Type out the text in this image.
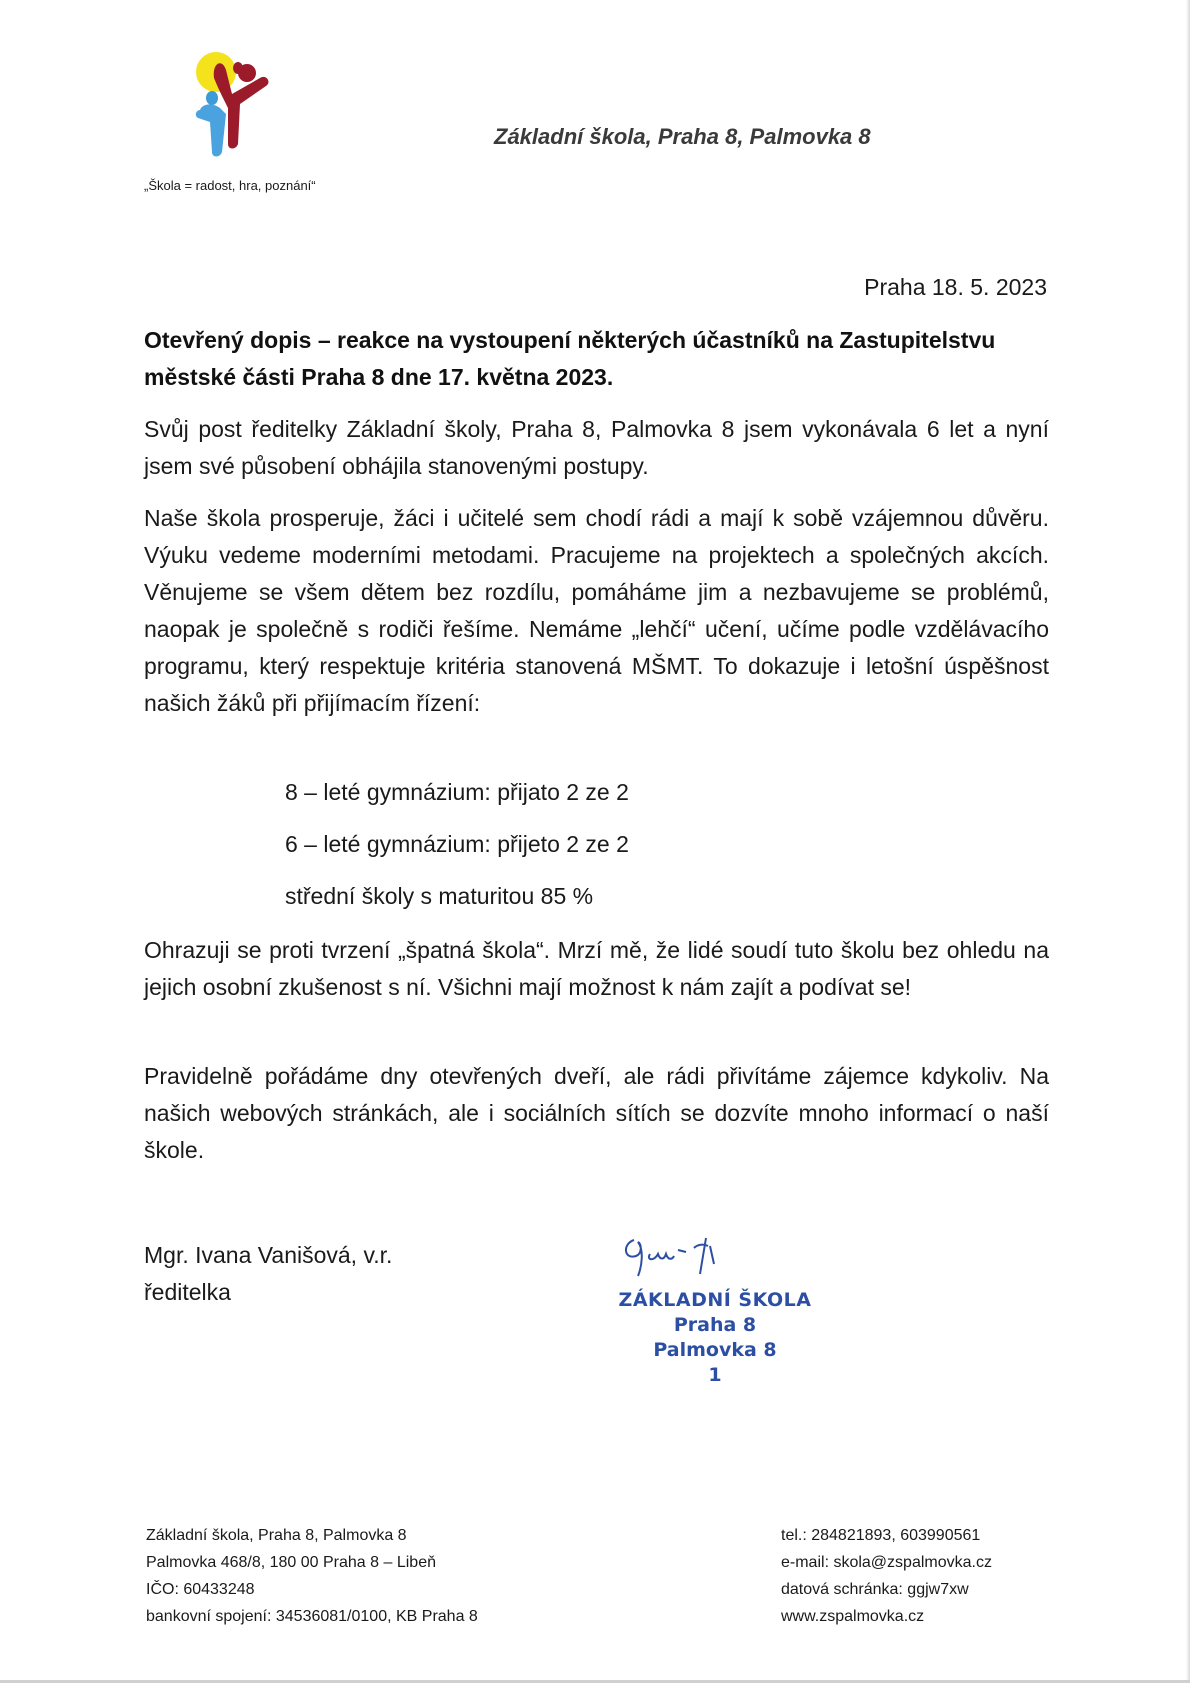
„Škola = radost, hra, poznání“
Základní škola, Praha 8, Palmovka 8
Praha 18. 5. 2023
Otevřený dopis – reakce na vystoupení některých účastníků na Zastupitelstvu městské části Praha 8 dne 17. května 2023.
Svůj post ředitelky Základní školy, Praha 8, Palmovka 8 jsem vykonávala 6 let a nyní jsem své působení obhájila stanovenými postupy.
Naše škola prosperuje, žáci i učitelé sem chodí rádi a mají k sobě vzájemnou důvěru. Výuku vedeme moderními metodami. Pracujeme na projektech a společných akcích. Věnujeme se všem dětem bez rozdílu, pomáháme jim a nezbavujeme se problémů, naopak je společně s rodiči řešíme. Nemáme „lehčí“ učení, učíme podle vzdělávacího programu, který respektuje kritéria stanovená MŠMT. To dokazuje i letošní úspěšnost našich žáků při přijímacím řízení:
8 – leté gymnázium: přijato 2 ze 2
6 – leté gymnázium: přijeto 2 ze 2
střední školy s maturitou 85 %
Ohrazuji se proti tvrzení „špatná škola“. Mrzí mě, že lidé soudí tuto školu bez ohledu na jejich osobní zkušenost s ní. Všichni mají možnost k nám zajít a podívat se!
Pravidelně pořádáme dny otevřených dveří, ale rádi přivítáme zájemce kdykoliv. Na našich webových stránkách, ale i sociálních sítích se dozvíte mnoho informací o naší škole.
Mgr. Ivana Vanišová, v.r.
ředitelka	ZÁKLADNÍ ŠKOLA
Praha 8
Palmovka 8
1
Základní škola, Praha 8, Palmovka 8
Palmovka 468/8, 180 00 Praha 8 – Libeň
IČO: 60433248
bankovní spojení: 34536081/0100, KB Praha 8
tel.: 284821893, 603990561
e-mail: skola@zspalmovka.cz
datová schránka: ggjw7xw
www.zspalmovka.cz
